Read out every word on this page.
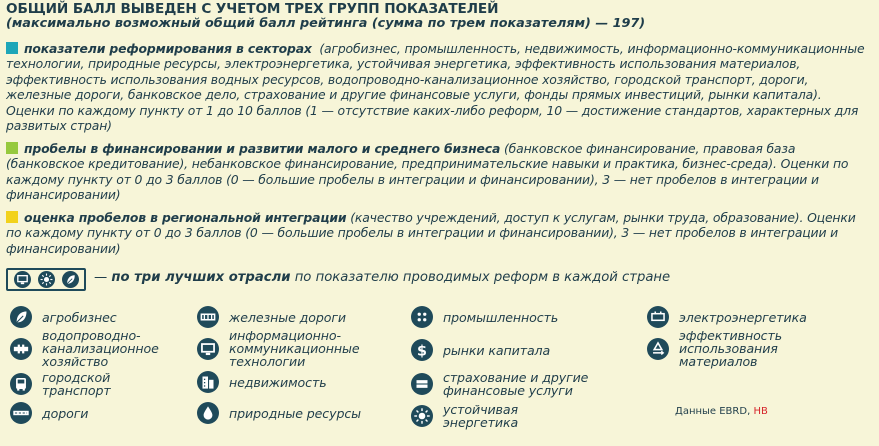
ОБЩИЙ БАЛЛ ВЫВЕДЕН С УЧЕТОМ ТРЕХ ГРУПП ПОКАЗАТЕЛЕЙ
(максимально возможный общий балл рейтинга (сумма по трем показателям) — 197)
показатели реформирования в секторах (агробизнес, промышленность, недвижимость, информационно-коммуникационные технологии, природные ресурсы, электроэнергетика, устойчивая энергетика, эффективность использования материалов, эффективность использования водных ресурсов, водопроводно-канализационное хозяйство, городской транспорт, дороги, железные дороги, банковское дело, страхование и другие финансовые услуги, фонды прямых инвестиций, рынки капитала). Оценки по каждому пункту от 1 до 10 баллов (1 — отсутствие каких-либо реформ, 10 — достижение стандартов, характерных для развитых стран)
пробелы в финансировании и развитии малого и среднего бизнеса (банковское финансирование, правовая база (банковское кредитование), небанковское финансирование, предпринимательские навыки и практика, бизнес-среда). Оценки по каждому пункту от 0 до 3 баллов (0 — большие пробелы в интеграции и финансировании), 3 — нет пробелов в интеграции и финансировании)
оценка пробелов в региональной интеграции (качество учреждений, доступ к услугам, рынки труда, образование). Оценки по каждому пункту от 0 до 3 баллов (0 — большие пробелы в интеграции и финансировании), 3 — нет пробелов в интеграции и финансировании)
— по три лучших отрасли по показателю проводимых реформ в каждой стране
агробизнес
водопроводно-канализационное хозяйство
городской транспорт
дороги
железные дороги
информационно-коммуникационные технологии
недвижимость
природные ресурсы
промышленность
$ рынки капитала
страхование и другие финансовые услуги
устойчивая энергетика
электроэнергетика
эффективность использования материалов
Данные EBRD, НВ
